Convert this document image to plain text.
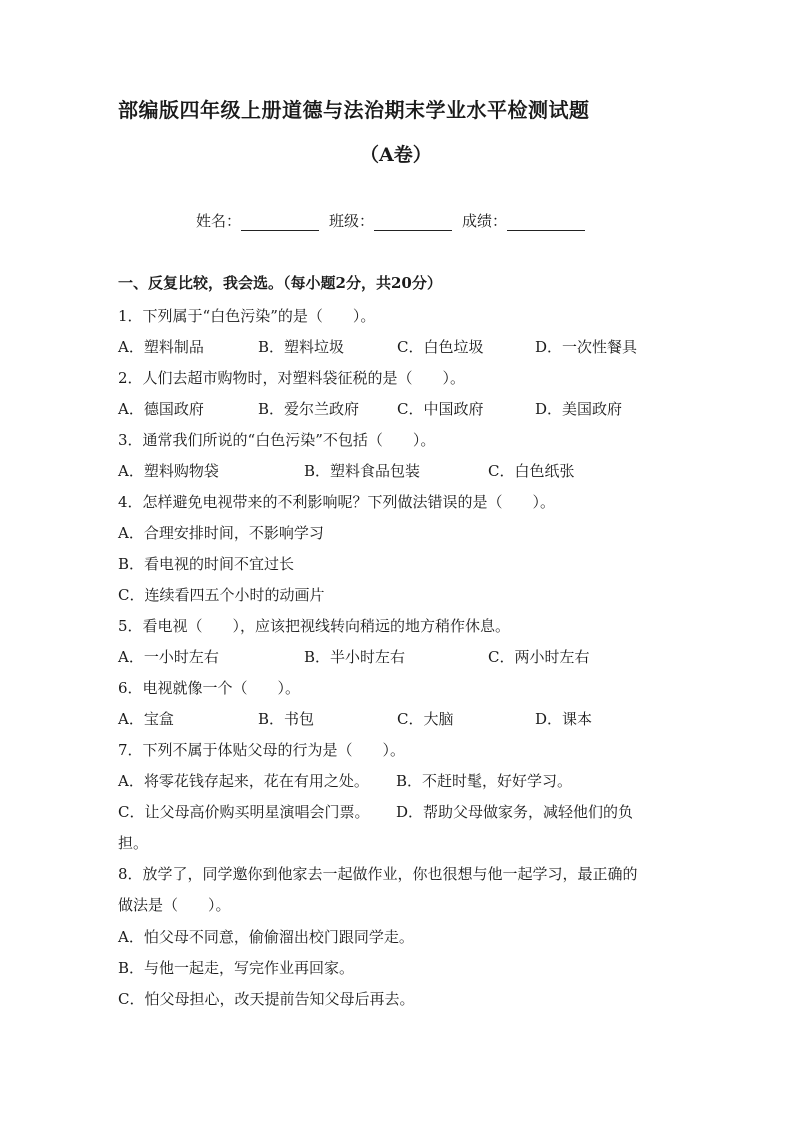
部编版四年级上册道德与法治期末学业水平检测试题
（A卷）
姓名：	班级：	成绩：
一、反复比较，我会选。（每小题2分，共20分）
1．下列属于“白色污染”的是（　　）。
A．塑料制品	B．塑料垃圾	C．白色垃圾	D．一次性餐具
2．人们去超市购物时，对塑料袋征税的是（　　）。
A．德国政府	B．爱尔兰政府	C．中国政府	D．美国政府
3．通常我们所说的“白色污染”不包括（　　）。
A．塑料购物袋	B．塑料食品包装	C．白色纸张
4．怎样避免电视带来的不利影响呢？下列做法错误的是（　　）。
A．合理安排时间，不影响学习
B．看电视的时间不宜过长
C．连续看四五个小时的动画片
5．看电视（　　），应该把视线转向稍远的地方稍作休息。
A．一小时左右	B．半小时左右	C．两小时左右
6．电视就像一个（　　）。
A．宝盒	B．书包	C．大脑	D．课本
7．下列不属于体贴父母的行为是（　　）。
A．将零花钱存起来，花在有用之处。 B．不赶时髦，好好学习。
C．让父母高价购买明星演唱会门票。 D．帮助父母做家务，减轻他们的负
担。
8．放学了，同学邀你到他家去一起做作业，你也很想与他一起学习，最正确的
做法是（　　）。
A．怕父母不同意，偷偷溜出校门跟同学走。
B．与他一起走，写完作业再回家。
C．怕父母担心，改天提前告知父母后再去。
